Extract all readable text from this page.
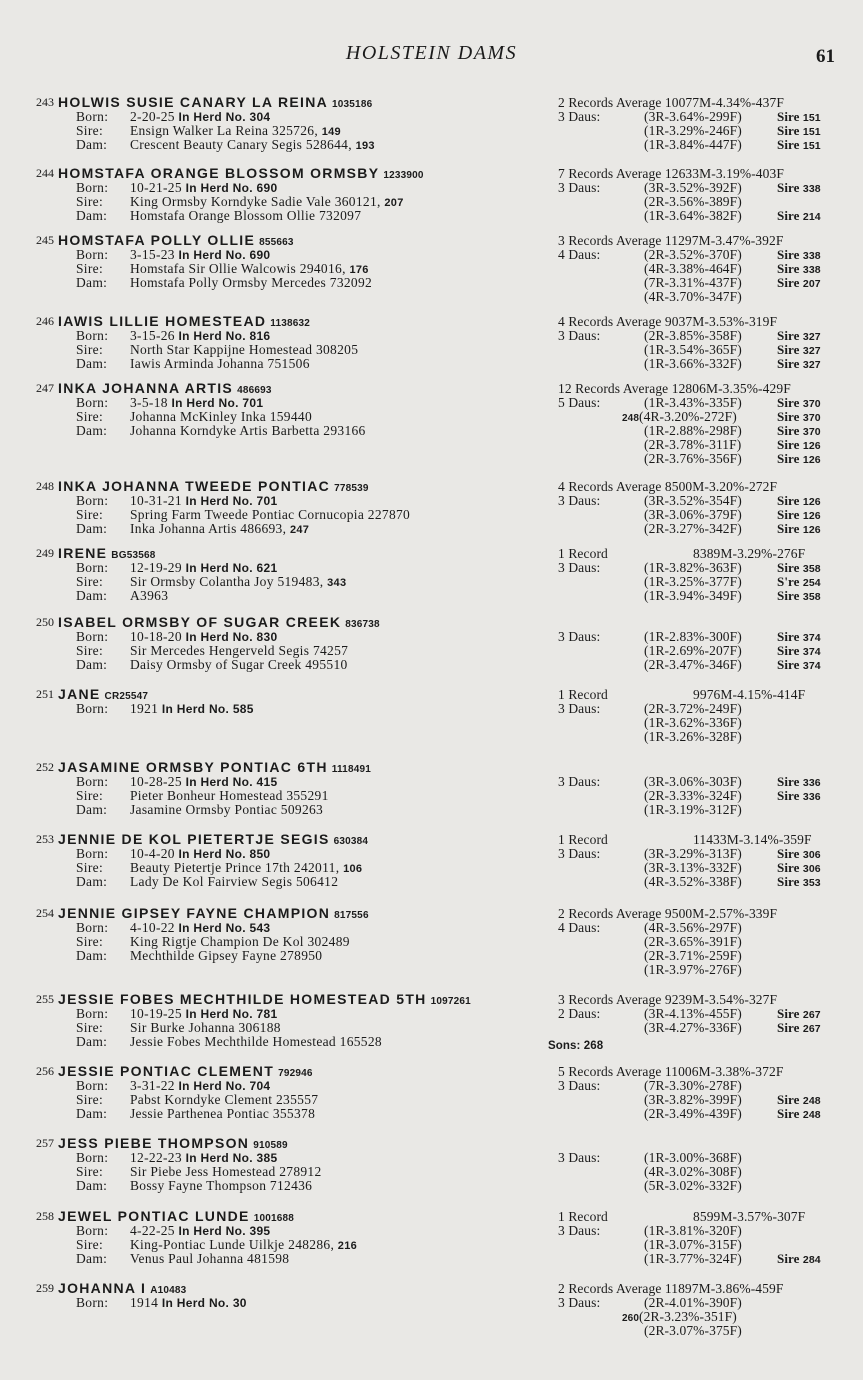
HOLSTEIN DAMS	61
243 HOLWIS SUSIE CANARY LA REINA 1035186
Born: 2-20-25 In Herd No. 304
Sire: Ensign Walker La Reina 325726, 149
Dam: Crescent Beauty Canary Segis 528644, 193
2 Records Average 10077M-4.34%-437F
3 Daus:	(3R-3.64%-299F)	Sire 151
(1R-3.29%-246F)	Sire 151
(1R-3.84%-447F)	Sire 151
244 HOMSTAFA ORANGE BLOSSOM ORMSBY 1233900
Born: 10-21-25 In Herd No. 690
Sire: King Ormsby Korndyke Sadie Vale 360121, 207
Dam: Homstafa Orange Blossom Ollie 732097
7 Records Average 12633M-3.19%-403F
3 Daus:	(3R-3.52%-392F)	Sire 338
(2R-3.56%-389F)
(1R-3.64%-382F)	Sire 214
245 HOMSTAFA POLLY OLLIE 855663
Born: 3-15-23 In Herd No. 690
Sire: Homstafa Sir Ollie Walcowis 294016, 176
Dam: Homstafa Polly Ormsby Mercedes 732092
3 Records Average 11297M-3.47%-392F
4 Daus:	(2R-3.52%-370F)	Sire 338
(4R-3.38%-464F)	Sire 338
(7R-3.31%-437F)	Sire 207
(4R-3.70%-347F)
246 IAWIS LILLIE HOMESTEAD 1138632
Born: 3-15-26 In Herd No. 816
Sire: North Star Kappijne Homestead 308205
Dam: Iawis Arminda Johanna 751506
4 Records Average 9037M-3.53%-319F
3 Daus:	(2R-3.85%-358F)	Sire 327
(1R-3.54%-365F)	Sire 327
(1R-3.66%-332F)	Sire 327
247 INKA JOHANNA ARTIS 486693
Born: 3-5-18 In Herd No. 701
Sire: Johanna McKinley Inka 159440
Dam: Johanna Korndyke Artis Barbetta 293166
12 Records Average 12806M-3.35%-429F
5 Daus:	(1R-3.43%-335F)	Sire 370
248(4R-3.20%-272F)	Sire 370
(1R-2.88%-298F)	Sire 370
(2R-3.78%-311F)	Sire 126
(2R-3.76%-356F)	Sire 126
248 INKA JOHANNA TWEEDE PONTIAC 778539
Born: 10-31-21 In Herd No. 701
Sire: Spring Farm Tweede Pontiac Cornucopia 227870
Dam: Inka Johanna Artis 486693, 247
4 Records Average 8500M-3.20%-272F
3 Daus:	(3R-3.52%-354F)	Sire 126
(3R-3.06%-379F)	Sire 126
(2R-3.27%-342F)	Sire 126
249 IRENE BG53568
Born: 12-19-29 In Herd No. 621
Sire: Sir Ormsby Colantha Joy 519483, 343
Dam: A3963
1 Record	8389M-3.29%-276F
3 Daus:	(1R-3.82%-363F)	Sire 358
(1R-3.25%-377F)	S're 254
(1R-3.94%-349F)	Sire 358
250 ISABEL ORMSBY OF SUGAR CREEK 836738
Born: 10-18-20 In Herd No. 830
Sire: Sir Mercedes Hengerveld Segis 74257
Dam: Daisy Ormsby of Sugar Creek 495510
3 Daus:	(1R-2.83%-300F)	Sire 374
(1R-2.69%-207F)	Sire 374
(2R-3.47%-346F)	Sire 374
251 JANE CR25547
Born: 1921 In Herd No. 585
1 Record	9976M-4.15%-414F
3 Daus:	(2R-3.72%-249F)
(1R-3.62%-336F)
(1R-3.26%-328F)
252 JASAMINE ORMSBY PONTIAC 6TH 1118491
Born: 10-28-25 In Herd No. 415
Sire: Pieter Bonheur Homestead 355291
Dam: Jasamine Ormsby Pontiac 509263
3 Daus:	(3R-3.06%-303F)	Sire 336
(2R-3.33%-324F)	Sire 336
(1R-3.19%-312F)
253 JENNIE DE KOL PIETERTJE SEGIS 630384
Born: 10-4-20 In Herd No. 850
Sire: Beauty Pietertje Prince 17th 242011, 106
Dam: Lady De Kol Fairview Segis 506412
1 Record	11433M-3.14%-359F
3 Daus:	(3R-3.29%-313F)	Sire 306
(3R-3.13%-332F)	Sire 306
(4R-3.52%-338F)	Sire 353
254 JENNIE GIPSEY FAYNE CHAMPION 817556
Born: 4-10-22 In Herd No. 543
Sire: King Rigtje Champion De Kol 302489
Dam: Mechthilde Gipsey Fayne 278950
2 Records Average 9500M-2.57%-339F
4 Daus:	(4R-3.56%-297F)
(2R-3.65%-391F)
(2R-3.71%-259F)
(1R-3.97%-276F)
255 JESSIE FOBES MECHTHILDE HOMESTEAD 5TH 1097261
Born: 10-19-25 In Herd No. 781
Sire: Sir Burke Johanna 306188
Dam: Jessie Fobes Mechthilde Homestead 165528
3 Records Average 9239M-3.54%-327F
2 Daus:	(3R-4.13%-455F)	Sire 267
(3R-4.27%-336F)	Sire 267
Sons: 268
256 JESSIE PONTIAC CLEMENT 792946
Born: 3-31-22 In Herd No. 704
Sire: Pabst Korndyke Clement 235557
Dam: Jessie Parthenea Pontiac 355378
5 Records Average 11006M-3.38%-372F
3 Daus:	(7R-3.30%-278F)
(3R-3.82%-399F)	Sire 248
(2R-3.49%-439F)	Sire 248
257 JESS PIEBE THOMPSON 910589
Born: 12-22-23 In Herd No. 385
Sire: Sir Piebe Jess Homestead 278912
Dam: Bossy Fayne Thompson 712436
3 Daus:	(1R-3.00%-368F)
(4R-3.02%-308F)
(5R-3.02%-332F)
258 JEWEL PONTIAC LUNDE 1001688
Born: 4-22-25 In Herd No. 395
Sire: King-Pontiac Lunde Uilkje 248286, 216
Dam: Venus Paul Johanna 481598
1 Record	8599M-3.57%-307F
3 Daus:	(1R-3.81%-320F)
(1R-3.07%-315F)
(1R-3.77%-324F)	Sire 284
259 JOHANNA I A10483
Born: 1914 In Herd No. 30
2 Records Average 11897M-3.86%-459F
3 Daus:	(2R-4.01%-390F)
260(2R-3.23%-351F)
(2R-3.07%-375F)
